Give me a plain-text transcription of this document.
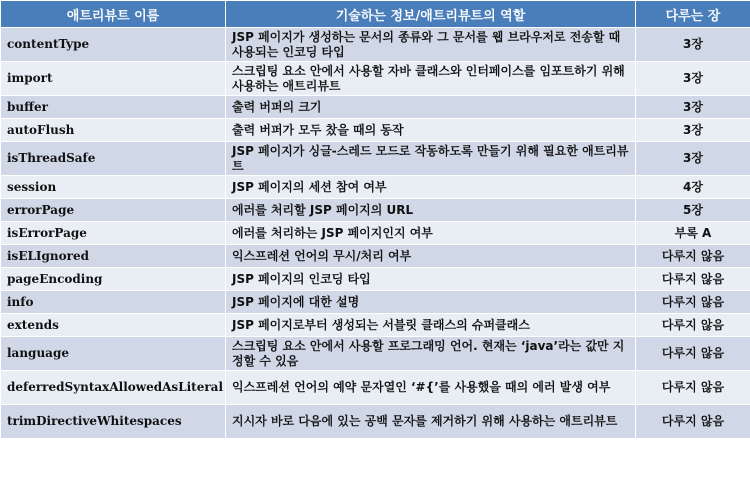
애트리뷰트 이름	기술하는 정보/애트리뷰트의 역할	다루는 장
contentType	JSP 페이지가 생성하는 문서의 종류와 그 문서를 웹 브라우저로 전송할 때 사용되는 인코딩 타입	3장
import	스크립팅 요소 안에서 사용할 자바 클래스와 인터페이스를 임포트하기 위해 사용하는 애트리뷰트	3장
buffer	출력 버퍼의 크기	3장
autoFlush	출력 버퍼가 모두 찼을 때의 동작	3장
isThreadSafe	JSP 페이지가 싱글-스레드 모드로 작동하도록 만들기 위해 필요한 애트리뷰트	3장
session	JSP 페이지의 세션 참여 여부	4장
errorPage	에러를 처리할 JSP 페이지의 URL	5장
isErrorPage	에러를 처리하는 JSP 페이지인지 여부	부록 A
isELIgnored	익스프레션 언어의 무시/처리 여부	다루지 않음
pageEncoding	JSP 페이지의 인코딩 타입	다루지 않음
info	JSP 페이지에 대한 설명	다루지 않음
extends	JSP 페이지로부터 생성되는 서블릿 클래스의 슈퍼클래스	다루지 않음
language	스크립팅 요소 안에서 사용할 프로그래밍 언어. 현재는 ‘java’라는 값만 지정할 수 있음	다루지 않음
deferredSyntaxAllowedAsLiteral	익스프레션 언어의 예약 문자열인 ‘#{’를 사용했을 때의 에러 발생 여부	다루지 않음
trimDirectiveWhitespaces	지시자 바로 다음에 있는 공백 문자를 제거하기 위해 사용하는 애트리뷰트	다루지 않음
